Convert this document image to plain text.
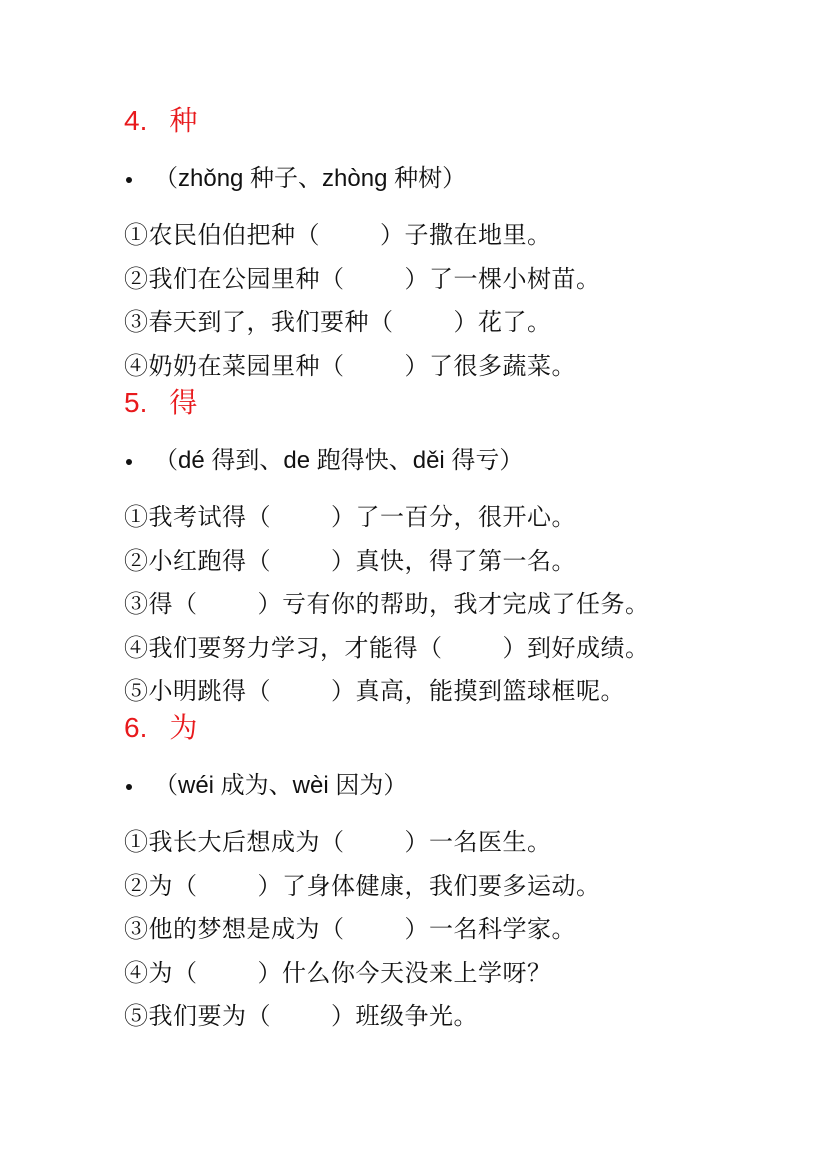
4. 种
（zhǒng 种子、zhòng 种树）
①农民伯伯把种（	）子撒在地里。
②我们在公园里种（	）了一棵小树苗。
③春天到了，我们要种（	）花了。
④奶奶在菜园里种（	）了很多蔬菜。
5. 得
（dé 得到、de 跑得快、děi 得亏）
①我考试得（	）了一百分，很开心。
②小红跑得（	）真快，得了第一名。
③得（	）亏有你的帮助，我才完成了任务。
④我们要努力学习，才能得（	）到好成绩。
⑤小明跳得（	）真高，能摸到篮球框呢。
6. 为
（wéi 成为、wèi 因为）
①我长大后想成为（	）一名医生。
②为（	）了身体健康，我们要多运动。
③他的梦想是成为（	）一名科学家。
④为（	）什么你今天没来上学呀？
⑤我们要为（	）班级争光。
